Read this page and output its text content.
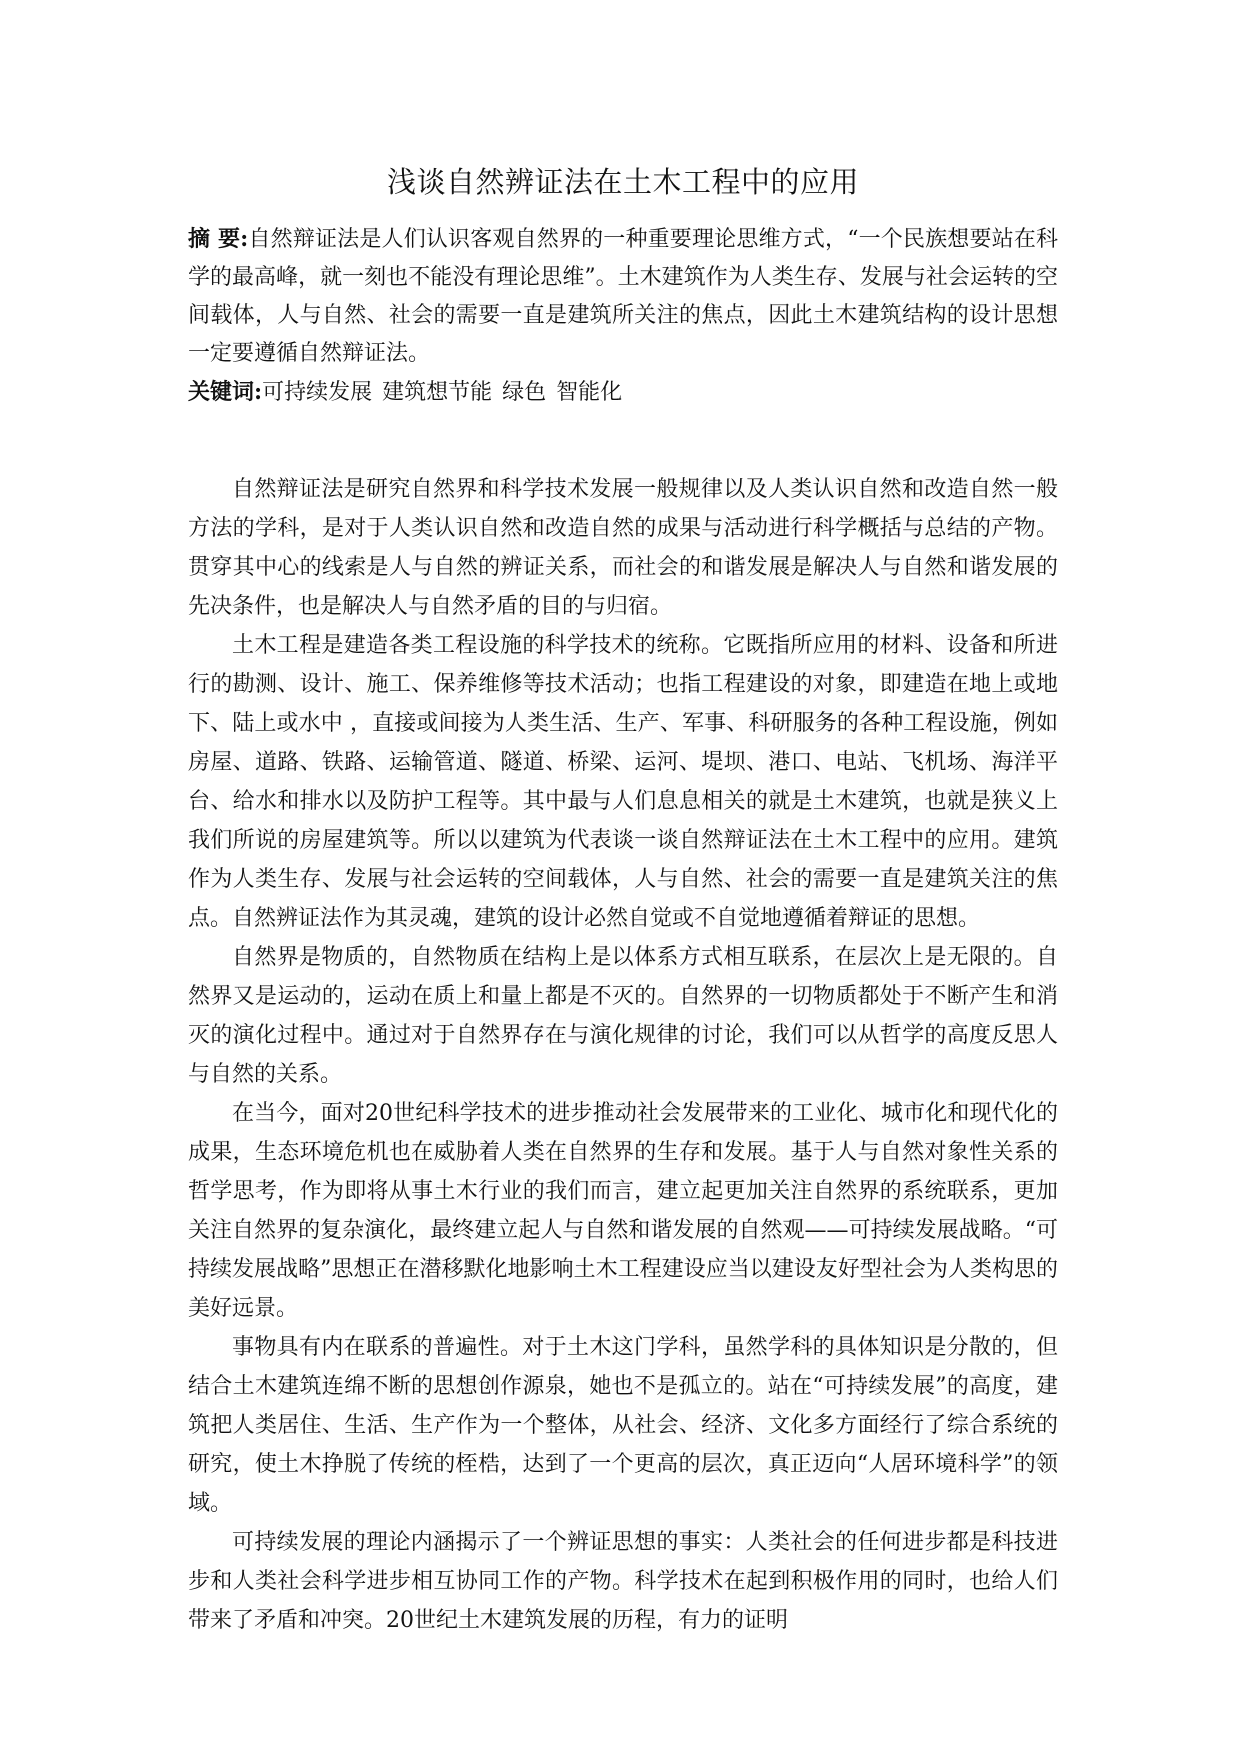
浅谈自然辨证法在土木工程中的应用

摘 要:自然辩证法是人们认识客观自然界的一种重要理论思维方式，“一个民族想要站在科学的最高峰，就一刻也不能没有理论思维”。土木建筑作为人类生存、发展与社会运转的空间载体，人与自然、社会的需要一直是建筑所关注的焦点，因此土木建筑结构的设计思想一定要遵循自然辩证法。

关键词:可持续发展 建筑想节能 绿色 智能化

自然辩证法是研究自然界和科学技术发展一般规律以及人类认识自然和改造自然一般方法的学科，是对于人类认识自然和改造自然的成果与活动进行科学概括与总结的产物。贯穿其中心的线索是人与自然的辨证关系，而社会的和谐发展是解决人与自然和谐发展的先决条件，也是解决人与自然矛盾的目的与归宿。

土木工程是建造各类工程设施的科学技术的统称。它既指所应用的材料、设备和所进行的勘测、设计、施工、保养维修等技术活动；也指工程建设的对象，即建造在地上或地下、陆上或水中 ，直接或间接为人类生活、生产、军事、科研服务的各种工程设施，例如房屋、道路、铁路、运输管道、隧道、桥梁、运河、堤坝、港口、电站、飞机场、海洋平台、给水和排水以及防护工程等。其中最与人们息息相关的就是土木建筑，也就是狭义上我们所说的房屋建筑等。所以以建筑为代表谈一谈自然辩证法在土木工程中的应用。建筑作为人类生存、发展与社会运转的空间载体，人与自然、社会的需要一直是建筑关注的焦点。自然辨证法作为其灵魂，建筑的设计必然自觉或不自觉地遵循着辩证的思想。

自然界是物质的，自然物质在结构上是以体系方式相互联系，在层次上是无限的。自然界又是运动的，运动在质上和量上都是不灭的。自然界的一切物质都处于不断产生和消灭的演化过程中。通过对于自然界存在与演化规律的讨论，我们可以从哲学的高度反思人与自然的关系。

在当今，面对20世纪科学技术的进步推动社会发展带来的工业化、城市化和现代化的成果，生态环境危机也在威胁着人类在自然界的生存和发展。基于人与自然对象性关系的哲学思考，作为即将从事土木行业的我们而言，建立起更加关注自然界的系统联系，更加关注自然界的复杂演化，最终建立起人与自然和谐发展的自然观——可持续发展战略。“可持续发展战略”思想正在潜移默化地影响土木工程建设应当以建设友好型社会为人类构思的美好远景。

事物具有内在联系的普遍性。对于土木这门学科，虽然学科的具体知识是分散的，但结合土木建筑连绵不断的思想创作源泉，她也不是孤立的。站在“可持续发展”的高度，建筑把人类居住、生活、生产作为一个整体，从社会、经济、文化多方面经行了综合系统的研究，使土木挣脱了传统的桎梏，达到了一个更高的层次，真正迈向“人居环境科学”的领域。

可持续发展的理论内涵揭示了一个辨证思想的事实：人类社会的任何进步都是科技进步和人类社会科学进步相互协同工作的产物。科学技术在起到积极作用的同时，也给人们带来了矛盾和冲突。20世纪土木建筑发展的历程，有力的证明
